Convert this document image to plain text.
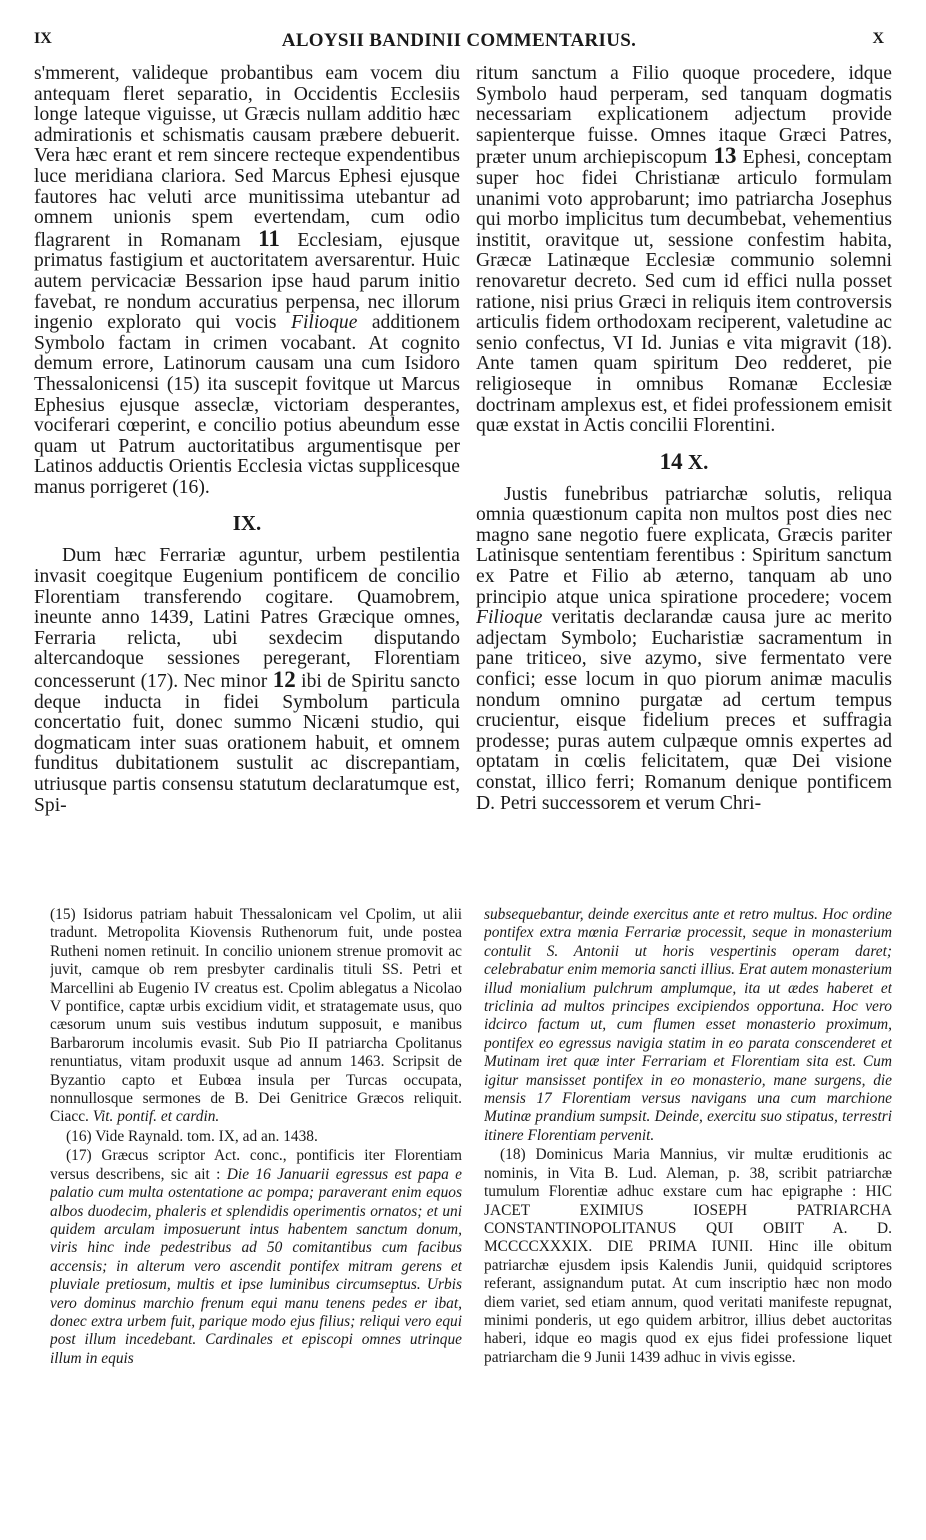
IX	ALOYSII BANDINII COMMENTARIUS.	X

s'mmerent, valideque probantibus eam vocem diu antequam fleret separatio, in Occidentis Ecclesiis longe lateque viguisse, ut Græcis nullam additio hæc admirationis et schismatis causam præbere debuerit. Vera hæc erant et rem sincere recteque expendentibus luce meridiana clariora. Sed Marcus Ephesi ejusque fautores hac veluti arce munitissima utebantur ad omnem unionis spem evertendam, cum odio flagrarent in Romanam 11 Ecclesiam, ejusque primatus fastigium et auctoritatem aversarentur. Huic autem pervicaciæ Bessarion ipse haud parum initio favebat, re nondum accuratius perpensa, nec illorum ingenio explorato qui vocis Filioque additionem Symbolo factam in crimen vocabant. At cognito demum errore, Latinorum causam una cum Isidoro Thessalonicensi (15) ita suscepit fovitque ut Marcus Ephesius ejusque asseclæ, victoriam desperantes, vociferari cœperint, e concilio potius abeundum esse quam ut Patrum auctoritatibus argumentisque per Latinos adductis Orientis Ecclesia victas supplicesque manus porrigeret (16).

IX.

Dum hæc Ferrariæ aguntur, urbem pestilentia invasit coegitque Eugenium pontificem de concilio Florentiam transferendo cogitare. Quamobrem, ineunte anno 1439, Latini Patres Græcique omnes, Ferraria relicta, ubi sexdecim disputando altercandoque sessiones peregerant, Florentiam concesserunt (17). Nec minor 12 ibi de Spiritu sancto deque inducta in fidei Symbolum particula concertatio fuit, donec summo Nicæni studio, qui dogmaticam inter suas orationem habuit, et omnem funditus dubitationem sustulit ac discrepantiam, utriusque partis consensu statutum declaratumque est, Spi-

ritum sanctum a Filio quoque procedere, idque Symbolo haud perperam, sed tanquam dogmatis necessariam explicationem adjectum provide sapienterque fuisse. Omnes itaque Græci Patres, præter unum archiepiscopum 13 Ephesi, conceptam super hoc fidei Christianæ articulo formulam unanimi voto approbarunt; imo patriarcha Josephus qui morbo implicitus tum decumbebat, vehementius institit, oravitque ut, sessione confestim habita, Græcæ Latinæque Ecclesiæ communio solemni renovaretur decreto. Sed cum id effici nulla posset ratione, nisi prius Græci in reliquis item controversis articulis fidem orthodoxam reciperent, valetudine ac senio confectus, VI Id. Junias e vita migravit (18). Ante tamen quam spiritum Deo redderet, pie religioseque in omnibus Romanæ Ecclesiæ doctrinam amplexus est, et fidei professionem emisit quæ exstat in Actis concilii Florentini.

14 X.

Justis funebribus patriarchæ solutis, reliqua omnia quæstionum capita non multos post dies nec magno sane negotio fuere explicata, Græcis pariter Latinisque sententiam ferentibus : Spiritum sanctum ex Patre et Filio ab æterno, tanquam ab uno principio atque unica spiratione procedere; vocem Filioque veritatis declarandæ causa jure ac merito adjectam Symbolo; Eucharistiæ sacramentum in pane triticeo, sive azymo, sive fermentato vere confici; esse locum in quo piorum animæ maculis nondum omnino purgatæ ad certum tempus crucientur, eisque fidelium preces et suffragia prodesse; puras autem culpæque omnis expertes ad optatam in cœlis felicitatem, quæ Dei visione constat, illico ferri; Romanum denique pontificem D. Petri successorem et verum Chri-

(15) Isidorus patriam habuit Thessalonicam vel Cpolim, ut alii tradunt. Metropolita Kiovensis Ruthenorum fuit, unde postea Rutheni nomen retinuit. In concilio unionem strenue promovit ac juvit, camque ob rem presbyter cardinalis tituli SS. Petri et Marcellini ab Eugenio IV creatus est. Cpolim ablegatus a Nicolao V pontifice, captæ urbis excidium vidit, et stratagemate usus, quo cæsorum unum suis vestibus indutum supposuit, e manibus Barbarorum incolumis evasit. Sub Pio II patriarcha Cpolitanus renuntiatus, vitam produxit usque ad annum 1463. Scripsit de Byzantio capto et Eubœa insula per Turcas occupata, nonnullosque sermones de B. Dei Genitrice Græcos reliquit. Ciacc. Vit. pontif. et cardin.

(16) Vide Raynald. tom. IX, ad an. 1438.

(17) Græcus scriptor Act. conc., pontificis iter Florentiam versus describens, sic ait : Die 16 Januarii egressus est papa e palatio cum multa ostentatione ac pompa; paraverant enim equos albos duodecim, phaleris et splendidis operimentis ornatos; et uni quidem arculam imposuerunt intus habentem sanctum donum, viris hinc inde pedestribus ad 50 comitantibus cum facibus accensis; in alterum vero ascendit pontifex mitram gerens et pluviale pretiosum, multis et ipse luminibus circumseptus. Urbis vero dominus marchio frenum equi manu tenens pedes er ibat, donec extra urbem fuit, parique modo ejus filius; reliqui vero equi post illum incedebant. Cardinales et episcopi omnes utrinque illum in equis

subsequebantur, deinde exercitus ante et retro multus. Hoc ordine pontifex extra mœnia Ferrariæ processit, seque in monasterium contulit S. Antonii ut horis vespertinis operam daret; celebrabatur enim memoria sancti illius. Erat autem monasterium illud monialium pulchrum amplumque, ita ut ædes haberet et triclinia ad multos principes excipiendos opportuna. Hoc vero idcirco factum ut, cum flumen esset monasterio proximum, pontifex eo egressus navigia statim in eo parata conscenderet et Mutinam iret quæ inter Ferrariam et Florentiam sita est. Cum igitur mansisset pontifex in eo monasterio, mane surgens, die mensis 17 Florentiam versus navigans una cum marchione Mutinæ prandium sumpsit. Deinde, exercitu suo stipatus, terrestri itinere Florentiam pervenit.

(18) Dominicus Maria Mannius, vir multæ eruditionis ac nominis, in Vita B. Lud. Aleman, p. 38, scribit patriarchæ tumulum Florentiæ adhuc exstare cum hac epigraphe : HIC JACET EXIMIUS IOSEPH PATRIARCHA CONSTANTINOPOLITANUS QUI OBIIT A. D. MCCCCXXXIX. DIE PRIMA IUNII. Hinc ille obitum patriarchæ ejusdem ipsis Kalendis Junii, quidquid scriptores referant, assignandum putat. At cum inscriptio hæc non modo diem variet, sed etiam annum, quod veritati manifeste repugnat, minimi ponderis, ut ego quidem arbitror, illius debet auctoritas haberi, idque eo magis quod ex ejus fidei professione liquet patriarcham die 9 Junii 1439 adhuc in vivis egisse.
